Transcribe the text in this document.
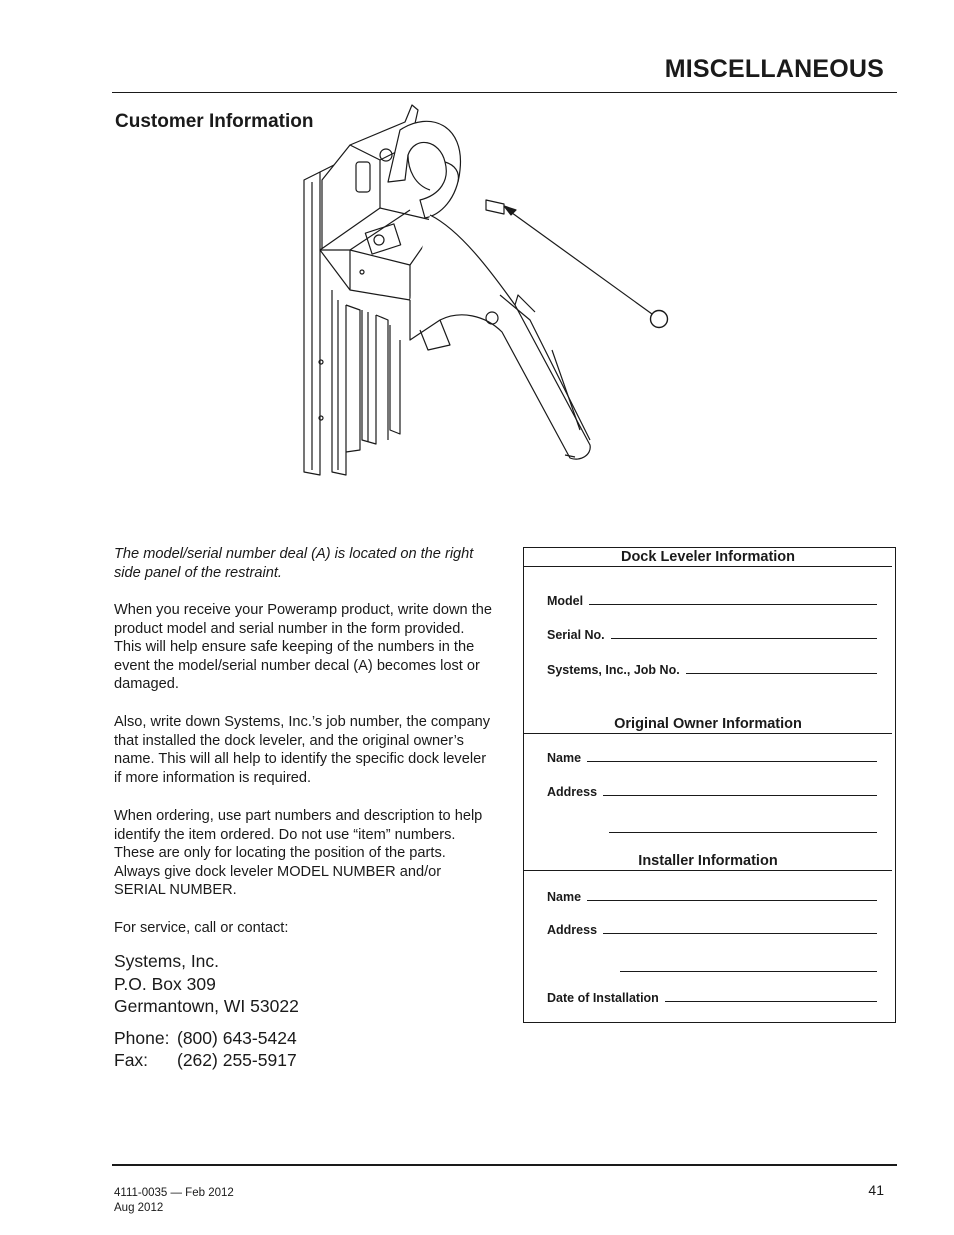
MISCELLANEOUS
Customer Information

The model/serial number deal (A) is located on the right side panel of the restraint.

When you receive your Poweramp product, write down the product model and serial number in the form provided. This will help ensure safe keeping of the numbers in the event the model/serial number decal (A) becomes lost or damaged.

Also, write down Systems, Inc.’s job number, the company that installed the dock leveler, and the original owner’s name. This will all help to identify the specific dock leveler if more information is required.

When ordering, use part numbers and description to help identify the item ordered. Do not use “item” numbers. These are only for locating the position of the parts. Always give dock leveler MODEL NUMBER and/or SERIAL NUMBER.

For service, call or contact:

Systems, Inc.
P.O. Box 309
Germantown, WI 53022
Phone: (800) 643-5424
Fax: (262) 255-5917
Dock Leveler Information
Model
Serial No.
Systems, Inc., Job No.
Original Owner Information
Name
Address
Installer Information
Name
Address
Date of Installation
4111-0035 — Feb 2012
Aug 2012
41
